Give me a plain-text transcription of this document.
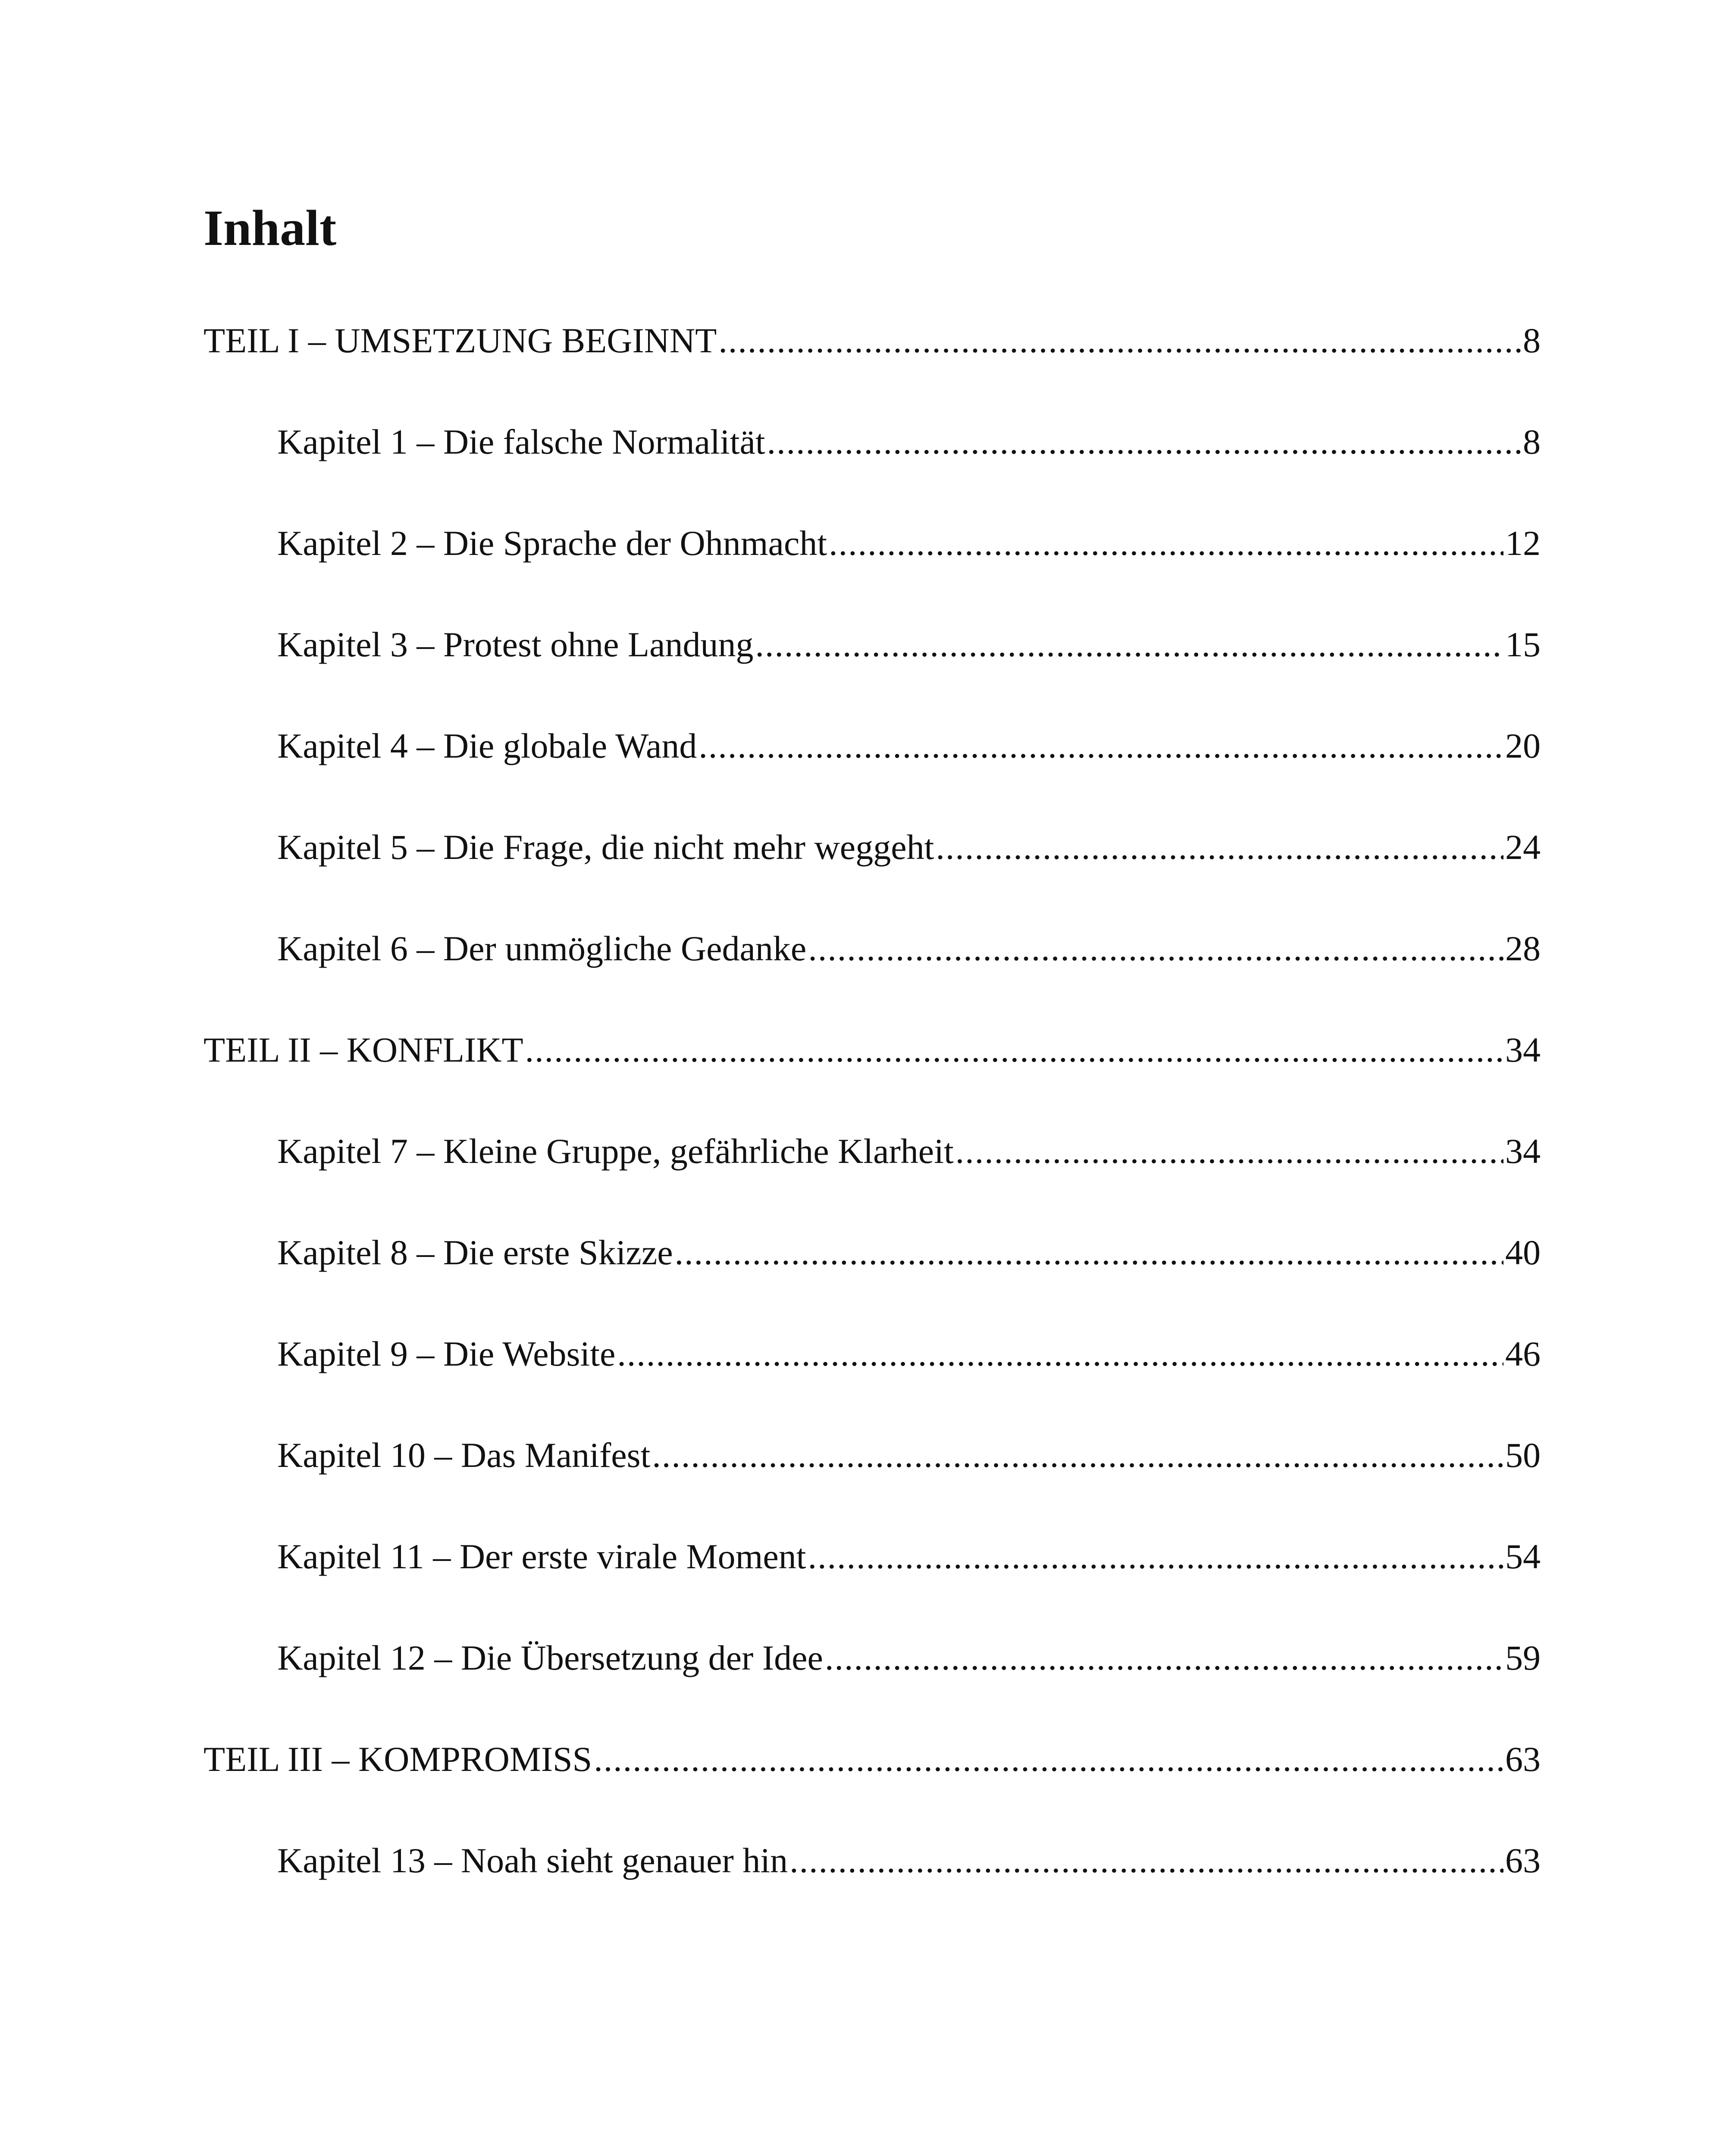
Inhalt
TEIL I – UMSETZUNG BEGINNT .....	8
Kapitel 1 – Die falsche Normalität .....	8
Kapitel 2 – Die Sprache der Ohnmacht .....	12
Kapitel 3 – Protest ohne Landung .....	15
Kapitel 4 – Die globale Wand .....	20
Kapitel 5 – Die Frage, die nicht mehr weggeht .....	24
Kapitel 6 – Der unmögliche Gedanke .....	28
TEIL II – KONFLIKT .....	34
Kapitel 7 – Kleine Gruppe, gefährliche Klarheit .....	34
Kapitel 8 – Die erste Skizze .....	40
Kapitel 9 – Die Website .....	46
Kapitel 10 – Das Manifest .....	50
Kapitel 11 – Der erste virale Moment .....	54
Kapitel 12 – Die Übersetzung der Idee .....	59
TEIL III – KOMPROMISS .....	63
Kapitel 13 – Noah sieht genauer hin .....	63
